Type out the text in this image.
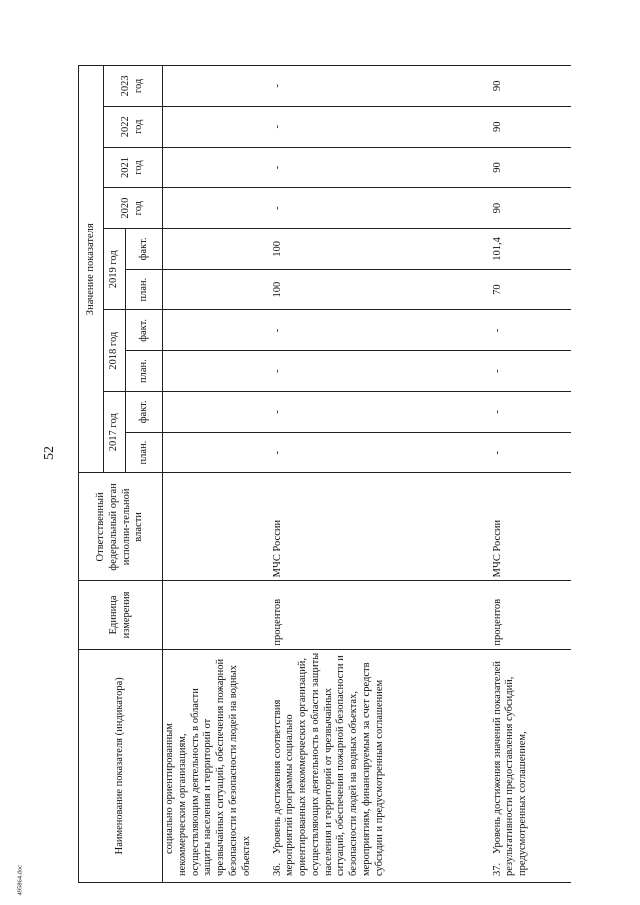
52
495864.doc
Наименование показателя (индикатора)	Единица измерения	Ответственный федеральный орган исполни-тельной власти	Значение показателя									
			2017 год		2018 год		2019 год		2020 год	2021 год	2022 год	2023 год
			план.	факт.	план.	факт.	план.	факт.				
социально ориентированным некоммерческим организациям, осуществляющим деятельность в области защиты населения и территорий от чрезвычайных ситуаций, обеспечения пожарной безопасности и безопасности людей на водных объектах												
36.Уровень достижения соответствия мероприятий программы социально ориентированных некоммерческих организаций, осуществляющих деятельность в области защиты населения и территорий от чрезвычайных ситуаций, обеспечения пожарной безопасности и безопасности людей на водных объектах, мероприятиям, финансируемым за счет средств субсидии и предусмотренным соглашением	процентов	МЧС России	-	-	-	-	100	100	-	-	-	-
37.Уровень достижения значений показателей результативности предоставления субсидий, предусмотренных соглашением,	процентов	МЧС России	-	-	-	-	70	101,4	90	90	90	90
